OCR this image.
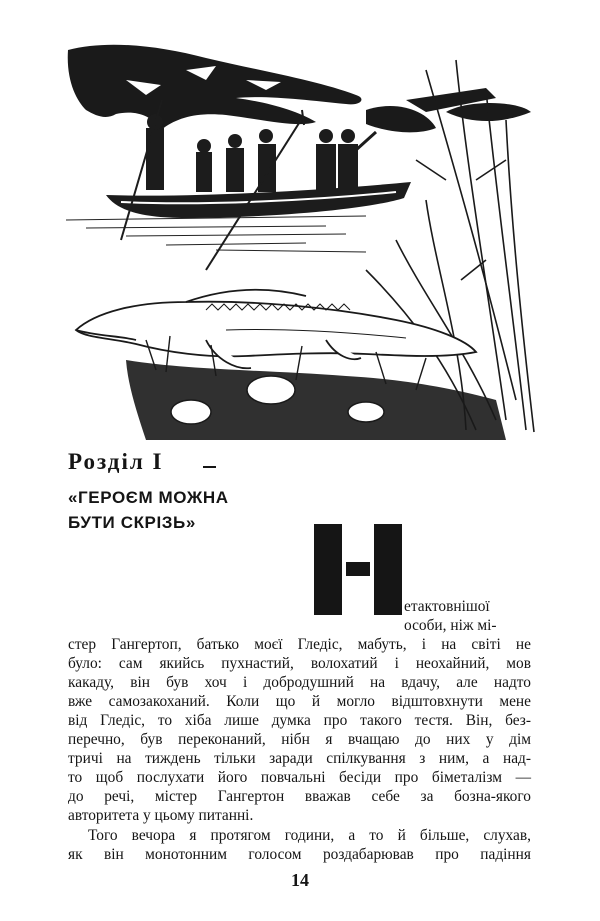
Розділ І
«ГЕРОЄМ МОЖНА
БУТИ СКРІЗЬ»

етактовнішої

особи, ніж мі-

стер Гангертоп, батько моєї Гледіс, мабуть, і на світі не

було: сам якийсь пухнастий, волохатий і неохайний, мов

какаду, він був хоч і добродушний на вдачу, але надто

вже самозакоханий. Коли що й могло відштовхнути мене

від Гледіс, то хіба лише думка про такого тестя. Він, без-

перечно, був переконаний, нібн я вчащаю до них у дім

тричі на тиждень тільки заради спілкування з ним, а над-

то щоб послухати його повчальні бесіди про біметалізм —

до речі, містер Гангертон вважав себе за бозна-якого

авторитета у цьому питанні.

Того вечора я протягом години, а то й більше, слухав,

як він монотонним голосом роздабарював про падіння

14
